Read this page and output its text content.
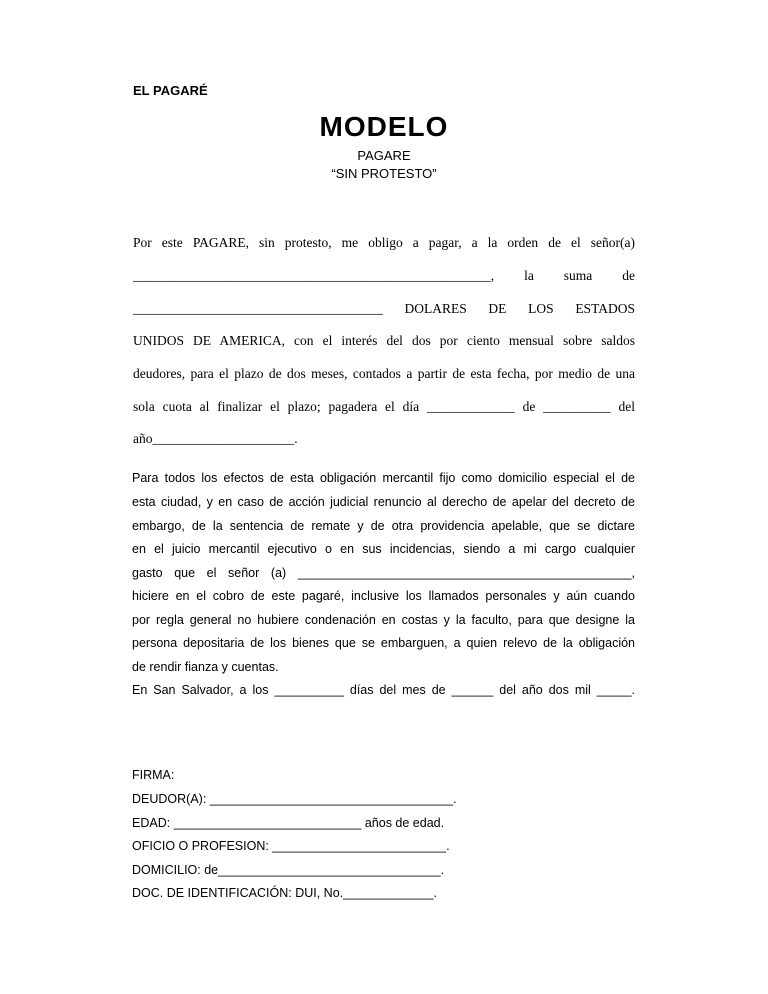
EL PAGARÉ
MODELO
PAGARE
“SIN PROTESTO”
Por este PAGARE, sin protesto, me obligo a pagar, a la orden de el señor(a)
_____________________________________________________, la suma de
_____________________________________ DOLARES DE LOS ESTADOS
UNIDOS DE AMERICA, con el interés del dos por ciento mensual sobre saldos
deudores, para el plazo de dos meses, contados a partir de esta fecha, por medio de una
sola cuota al finalizar el plazo; pagadera el día _____________ de __________ del
año_____________________.
Para todos los efectos de esta obligación mercantil fijo como domicilio especial el de
esta ciudad, y en caso de acción judicial renuncio al derecho de apelar del decreto de
embargo, de la sentencia de remate y de otra providencia apelable, que se dictare
en el juicio mercantil ejecutivo o en sus incidencias, siendo a mi cargo cualquier
gasto que el señor (a) ________________________________________________,
hiciere en el cobro de este pagaré, inclusive los llamados personales y aún cuando
por regla general no hubiere condenación en costas y la faculto, para que designe la
persona depositaria de los bienes que se embarguen, a quien relevo de la obligación
de rendir fianza y cuentas.
En San Salvador, a los __________ días del mes de ______ del año dos mil _____.
FIRMA:
DEUDOR(A): ___________________________________.
EDAD: ___________________________ años de edad.
OFICIO O PROFESION: _________________________.
DOMICILIO: de________________________________.
DOC. DE IDENTIFICACIÓN: DUI, No._____________.
